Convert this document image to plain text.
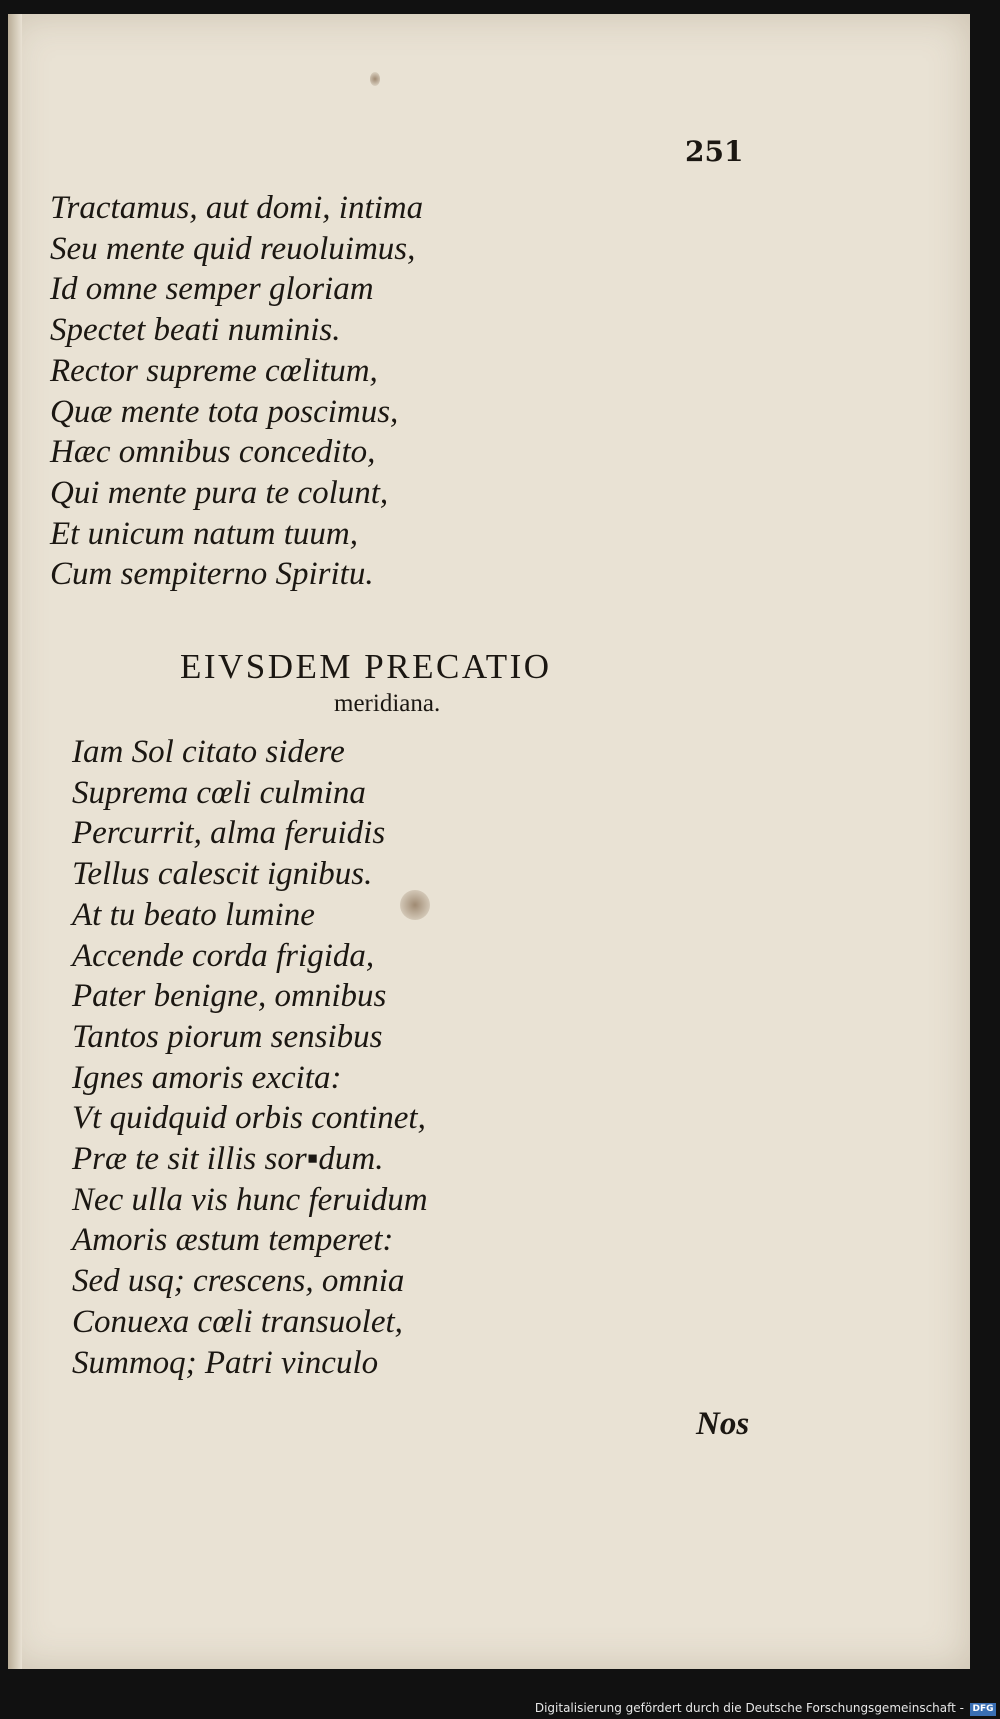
251

Tractamus, aut domi, intima
Seu mente quid reuoluimus,
Id omne semper gloriam
Spectet beati numinis.
Rector supreme cœlitum,
Quæ mente tota poscimus,
Hæc omnibus concedito,
Qui mente pura te colunt,
Et unicum natum tuum,
Cum sempiterno Spiritu.
EIVSDEM PRECATIO

meridiana.

Iam Sol citato sidere
Suprema cœli culmina
Percurrit, alma feruidis
Tellus calescit ignibus.
At tu beato lumine
Accende corda frigida,
Pater benigne, omnibus
Tantos piorum sensibus
Ignes amoris excita:
Vt quidquid orbis continet,
Præ te sit illis sor▪dum.
Nec ulla vis hunc feruidum
Amoris æstum temperet:
Sed usq; crescens, omnia
Conuexa cœli transuolet,
Summoq; Patri vinculo

Nos

Digitalisierung gefördert durch die Deutsche Forschungsgemeinschaft - DFG
